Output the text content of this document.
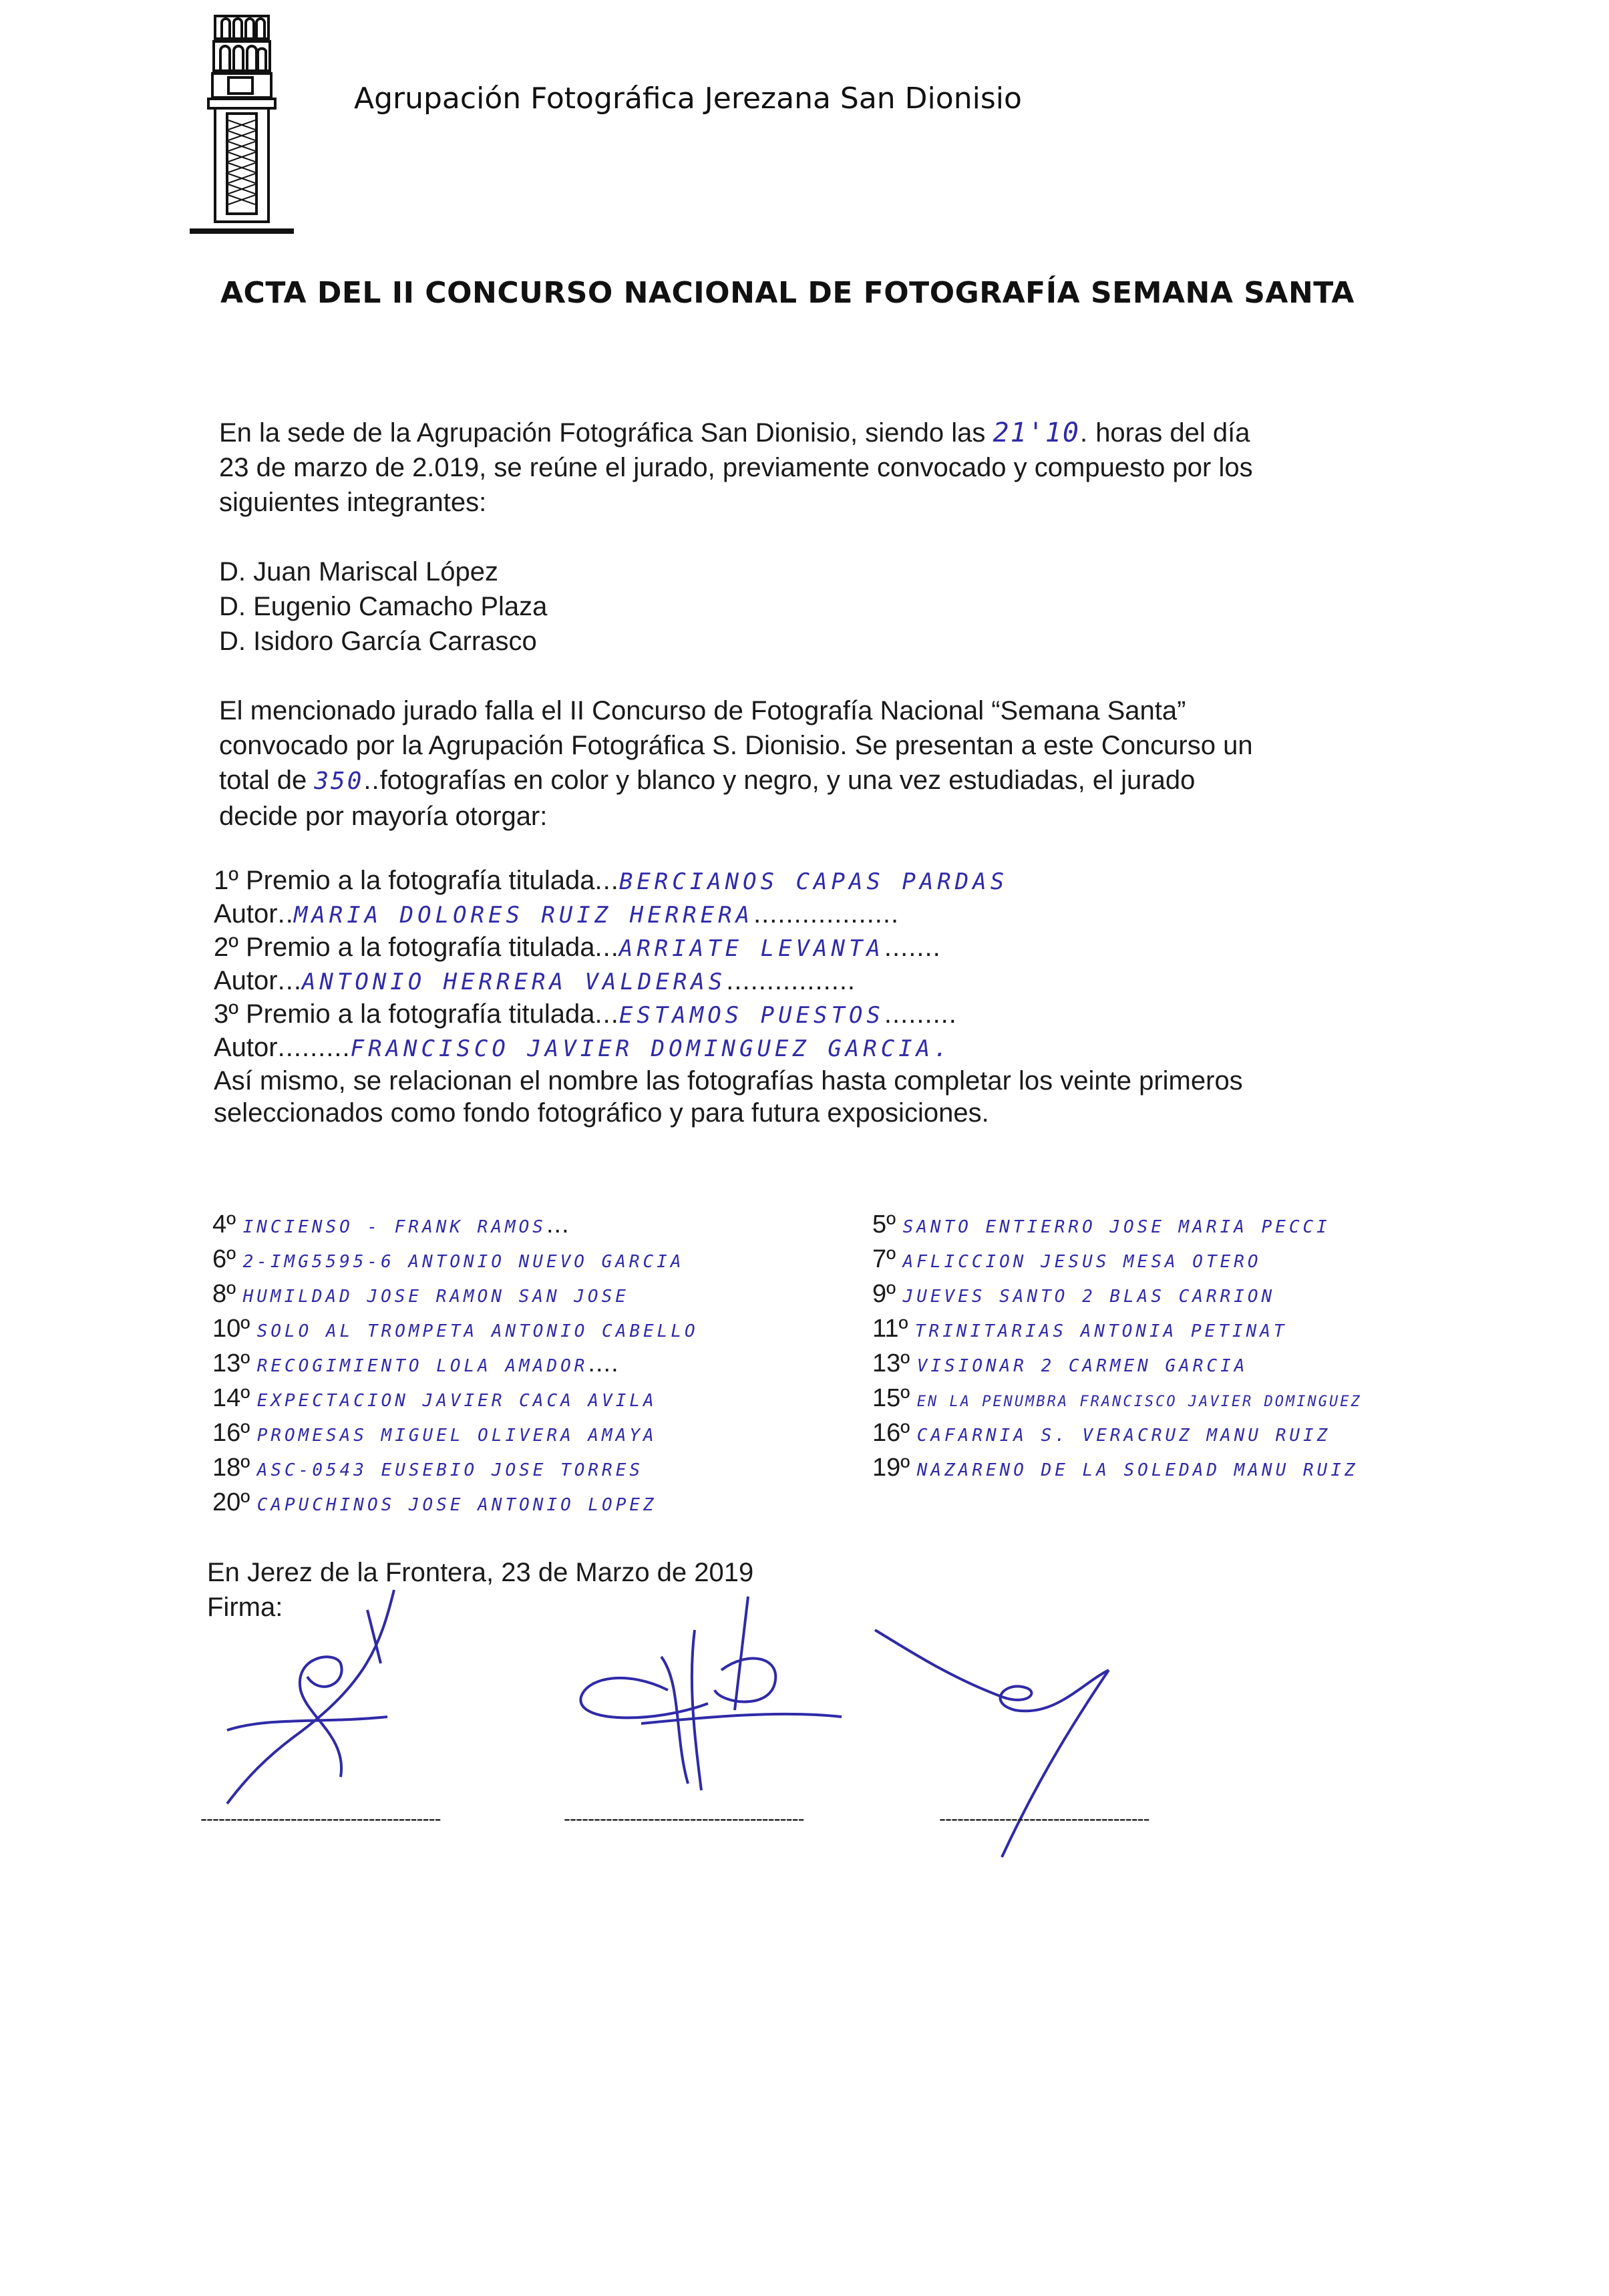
Agrupación Fotográfica Jerezana San Dionisio
ACTA DEL II CONCURSO NACIONAL DE FOTOGRAFÍA SEMANA SANTA
En la sede de la Agrupación Fotográfica San Dionisio, siendo las 21'10. horas del día
23 de marzo de 2.019, se reúne el jurado, previamente convocado y compuesto por los
siguientes integrantes:
D. Juan Mariscal López
D. Eugenio Camacho Plaza
D. Isidoro García Carrasco
El mencionado jurado falla el II Concurso de Fotografía Nacional “Semana Santa”
convocado por la Agrupación Fotográfica S. Dionisio. Se presentan a este Concurso un
total de 350..fotografías en color y blanco y negro, y una vez estudiadas, el jurado
decide por mayoría otorgar:
1º Premio a la fotografía titulada...BERCIANOS CAPAS PARDAS
Autor..MARIA DOLORES RUIZ HERRERA..................
2º Premio a la fotografía titulada...ARRIATE LEVANTA.......
Autor...ANTONIO HERRERA VALDERAS................
3º Premio a la fotografía titulada...ESTAMOS PUESTOS.........
Autor.........FRANCISCO JAVIER DOMINGUEZ GARCIA.
Así mismo, se relacionan el nombre las fotografías hasta completar los veinte primeros
seleccionados como fondo fotográfico y para futura exposiciones.
4º INCIENSO - FRANK RAMOS...
6º 2-IMG5595-6 ANTONIO NUEVO GARCIA
8º HUMILDAD JOSE RAMON SAN JOSE
10º SOLO AL TROMPETA ANTONIO CABELLO
13º RECOGIMIENTO LOLA AMADOR....
14º EXPECTACION JAVIER CACA AVILA
16º PROMESAS MIGUEL OLIVERA AMAYA
18º ASC-0543 EUSEBIO JOSE TORRES
20º CAPUCHINOS JOSE ANTONIO LOPEZ
5º SANTO ENTIERRO JOSE MARIA PECCI
7º AFLICCION JESUS MESA OTERO
9º JUEVES SANTO 2 BLAS CARRION
11º TRINITARIAS ANTONIA PETINAT
13º VISIONAR 2 CARMEN GARCIA
15º EN LA PENUMBRA FRANCISCO JAVIER DOMINGUEZ
16º CAFARNIA S. VERACRUZ MANU RUIZ
19º NAZARENO DE LA SOLEDAD MANU RUIZ
En Jerez de la Frontera, 23 de Marzo de 2019
Firma:
----------------------------------------	----------------------------------------	-----------------------------------
